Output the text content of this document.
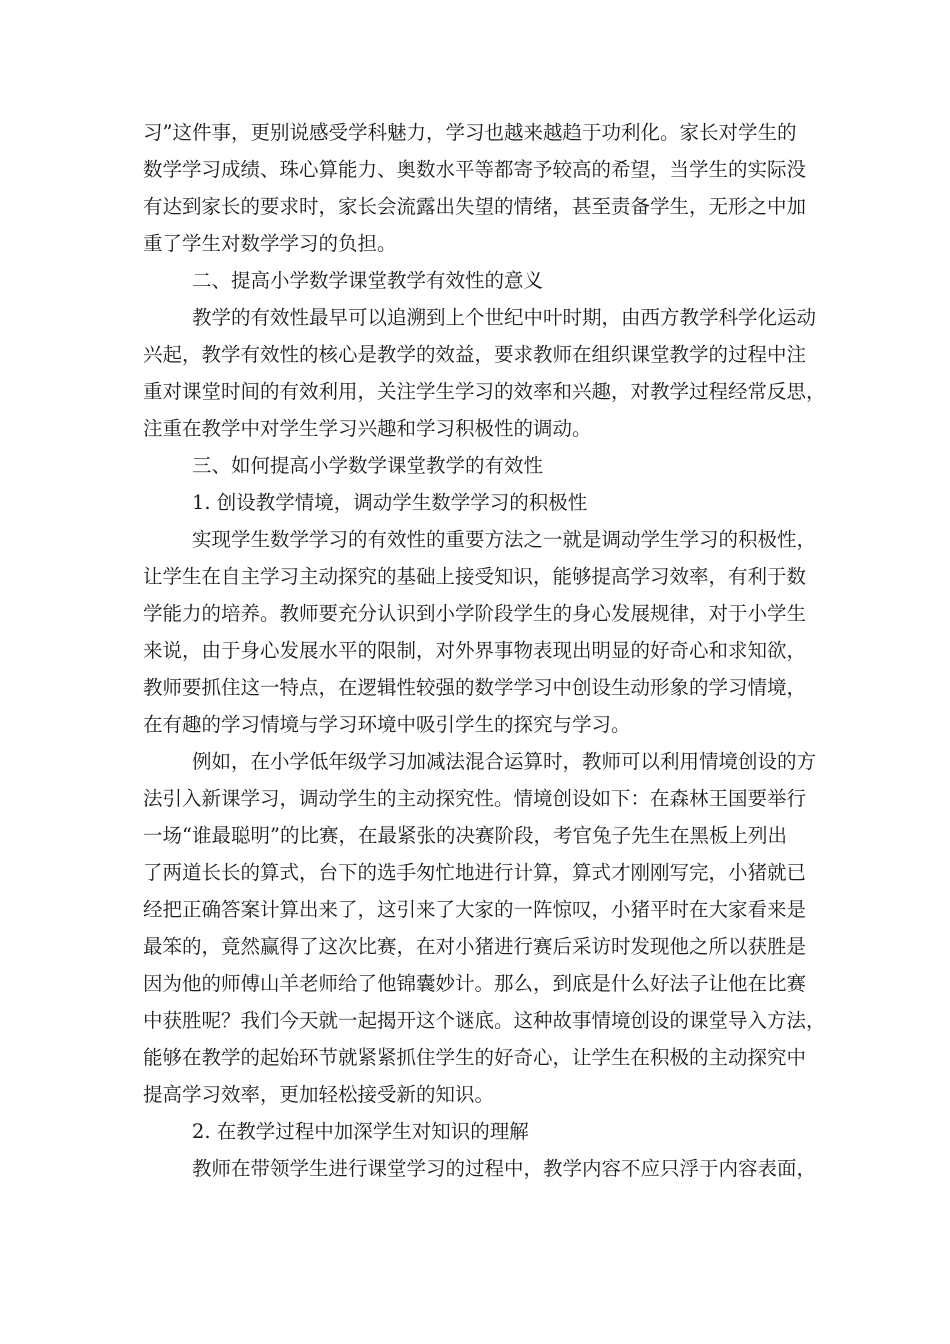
习”这件事，更别说感受学科魅力，学习也越来越趋于功利化。家长对学生的
数学学习成绩、珠心算能力、奥数水平等都寄予较高的希望，当学生的实际没
有达到家长的要求时，家长会流露出失望的情绪，甚至责备学生，无形之中加
重了学生对数学学习的负担。
二、提高小学数学课堂教学有效性的意义
教学的有效性最早可以追溯到上个世纪中叶时期，由西方教学科学化运动
兴起，教学有效性的核心是教学的效益，要求教师在组织课堂教学的过程中注
重对课堂时间的有效利用，关注学生学习的效率和兴趣，对教学过程经常反思，
注重在教学中对学生学习兴趣和学习积极性的调动。
三、如何提高小学数学课堂教学的有效性
1. 创设教学情境，调动学生数学学习的积极性
实现学生数学学习的有效性的重要方法之一就是调动学生学习的积极性，
让学生在自主学习主动探究的基础上接受知识，能够提高学习效率，有利于数
学能力的培养。教师要充分认识到小学阶段学生的身心发展规律，对于小学生
来说，由于身心发展水平的限制，对外界事物表现出明显的好奇心和求知欲，
教师要抓住这一特点，在逻辑性较强的数学学习中创设生动形象的学习情境，
在有趣的学习情境与学习环境中吸引学生的探究与学习。
例如，在小学低年级学习加减法混合运算时，教师可以利用情境创设的方
法引入新课学习，调动学生的主动探究性。情境创设如下：在森林王国要举行
一场“谁最聪明”的比赛，在最紧张的决赛阶段，考官兔子先生在黑板上列出
了两道长长的算式，台下的选手匆忙地进行计算，算式才刚刚写完，小猪就已
经把正确答案计算出来了，这引来了大家的一阵惊叹，小猪平时在大家看来是
最笨的，竟然赢得了这次比赛，在对小猪进行赛后采访时发现他之所以获胜是
因为他的师傅山羊老师给了他锦囊妙计。那么，到底是什么好法子让他在比赛
中获胜呢？我们今天就一起揭开这个谜底。这种故事情境创设的课堂导入方法，
能够在教学的起始环节就紧紧抓住学生的好奇心，让学生在积极的主动探究中
提高学习效率，更加轻松接受新的知识。
2. 在教学过程中加深学生对知识的理解
教师在带领学生进行课堂学习的过程中，教学内容不应只浮于内容表面，
